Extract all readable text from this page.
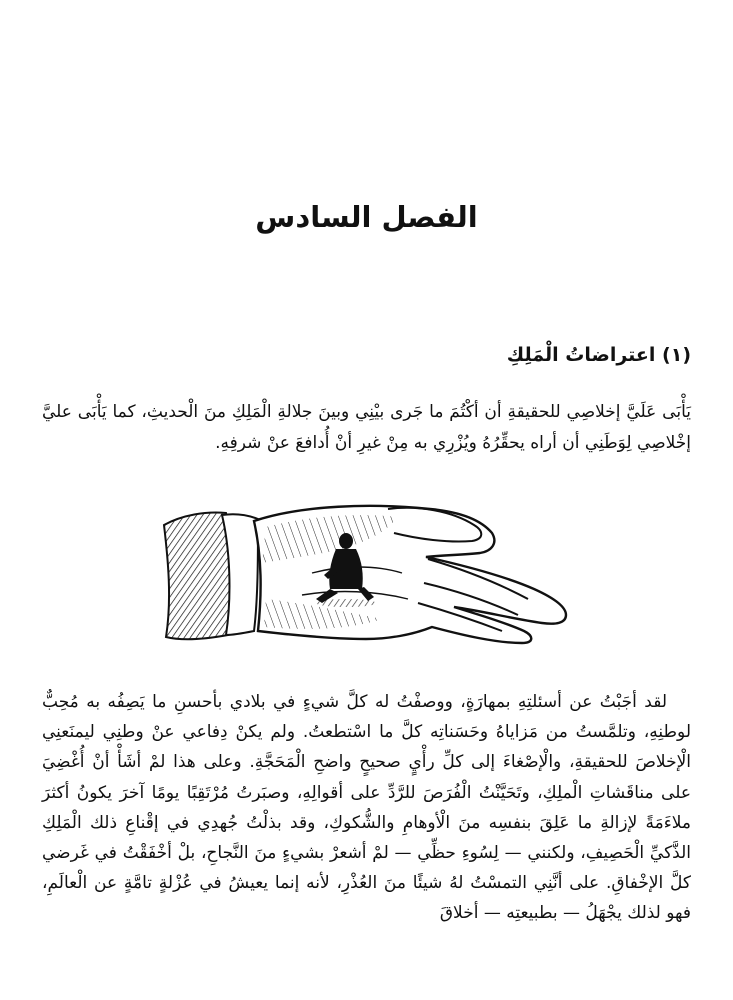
الفصل السادس
(١) اعتراضاتُ الْمَلِكِ

يَأْبَى عَلَيَّ إخلاصِي للحقيقةِ أن أكْتُمَ ما جَرى بيْنِي وبينَ جلالةِ الْمَلِكِ منَ الْحديثِ، كما يَأْبَى عليَّ إخْلاصِي لِوَطَنِي أن أراه يحقِّرُهُ ويُزْرِي به مِنْ غيرِ أنْ أُدافعَ عنْ شرفِهِ.

لقد أجَبْتُ عن أسئلتِهِ بمهارَةٍ، ووصفْتُ له كلَّ شيءٍ في بلادي بأحسنِ ما يَصِفُه به مُحِبٌّ لوطنِهِ، وتلمَّستُ من مَزاياهُ وحَسَناتِه كلَّ ما اسْتطعتُ. ولم يكنْ دِفاعي عنْ وطنِي ليمنَعنِي الْإخلاصَ للحقيقةِ، والْإصْغاءَ إلى كلِّ رأْيٍ صحيحٍ واضحِ الْمَحَجَّةِ. وعلى هذا لمْ أشَأْ أنْ أُغْضِيَ على مناقَشاتِ الْملِكِ، وتَحَيَّنْتُ الْفُرَصَ للرَّدِّ على أقوالِهِ، وصبَرتُ مُرْتَقِبًا يومًا آخرَ يكونُ أكثرَ ملاءَمَةً لإزالةِ ما عَلِقَ بنفسِه منَ الْأوهامِ والشُّكوكِ، وقد بذلْتُ جُهدِي في إقْناعِ ذلك الْمَلِكِ الذَّكيِّ الْحَصِيفِ، ولكنني — لِسُوءِ حظِّي — لمْ أشعرْ بشيءٍ منَ النَّجاحِ، بلْ أخْفَقْتُ في غَرضي كلَّ الإخْفاقِ. على أنَّنِي التمسْتُ لهُ شيئًا منَ العُذْرِ، لأنه إنما يعيشُ في عُزْلةٍ تامَّةٍ عن الْعالَمِ، فهو لذلك يجْهَلُ — بطبيعتِه — أخلاقَ
